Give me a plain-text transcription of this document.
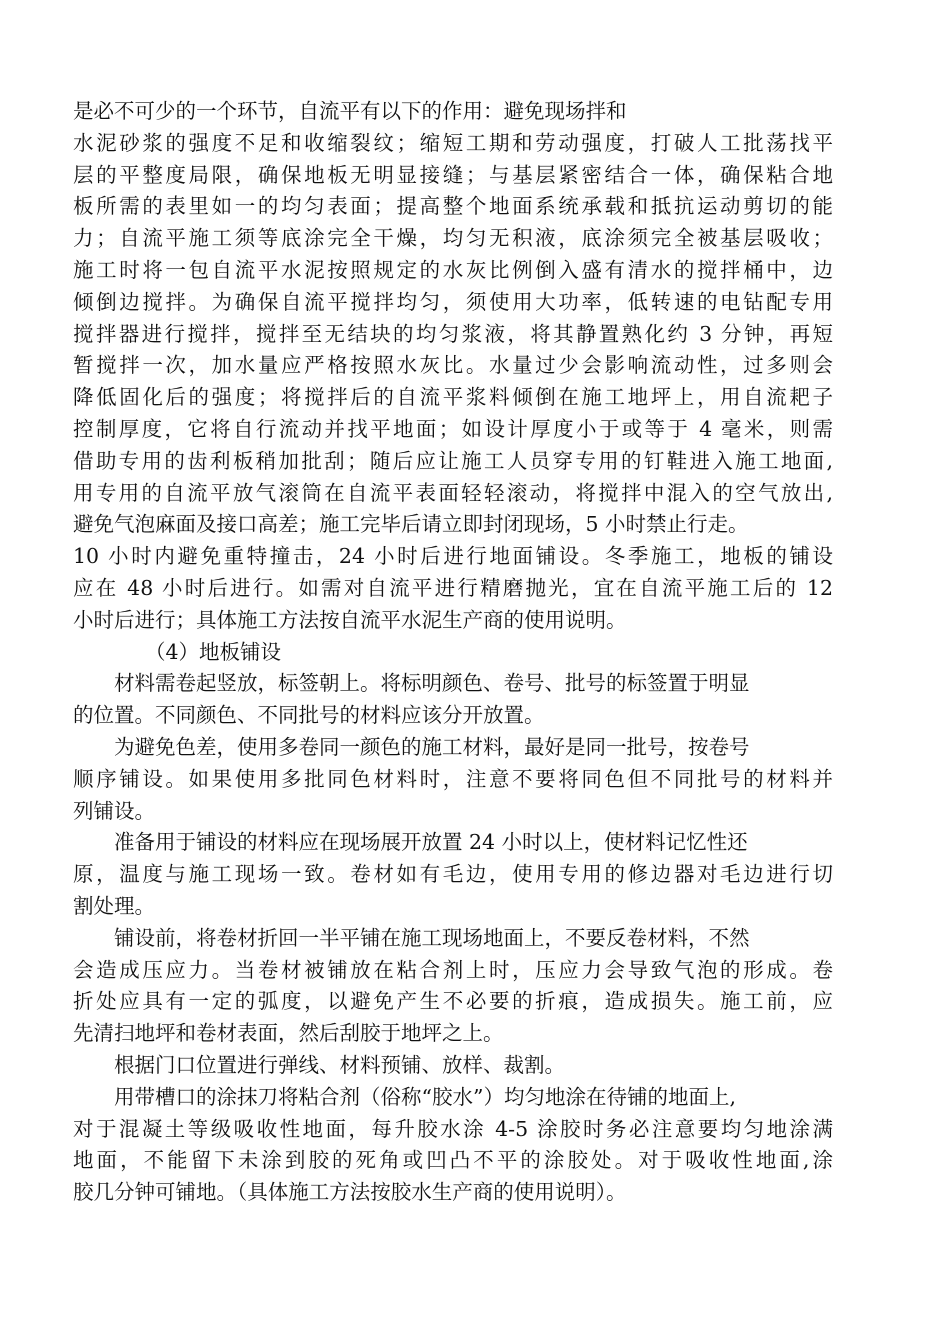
是必不可少的一个环节，自流平有以下的作用：避免现场拌和
水泥砂浆的强度不足和收缩裂纹；缩短工期和劳动强度，打破人工批荡找平
层的平整度局限，确保地板无明显接缝；与基层紧密结合一体，确保粘合地
板所需的表里如一的均匀表面；提高整个地面系统承载和抵抗运动剪切的能
力；自流平施工须等底涂完全干燥，均匀无积液，底涂须完全被基层吸收；
施工时将一包自流平水泥按照规定的水灰比例倒入盛有清水的搅拌桶中，边
倾倒边搅拌。为确保自流平搅拌均匀，须使用大功率，低转速的电钻配专用
搅拌器进行搅拌，搅拌至无结块的均匀浆液，将其静置熟化约 3 分钟，再短
暂搅拌一次，加水量应严格按照水灰比。水量过少会影响流动性，过多则会
降低固化后的强度；将搅拌后的自流平浆料倾倒在施工地坪上，用自流耙子
控制厚度，它将自行流动并找平地面；如设计厚度小于或等于 4 毫米，则需
借助专用的齿利板稍加批刮；随后应让施工人员穿专用的钉鞋进入施工地面,
用专用的自流平放气滚筒在自流平表面轻轻滚动，将搅拌中混入的空气放出,
避免气泡麻面及接口高差；施工完毕后请立即封闭现场，5 小时禁止行走。
10 小时内避免重特撞击，24 小时后进行地面铺设。冬季施工，地板的铺设
应在 48 小时后进行。如需对自流平进行精磨抛光，宜在自流平施工后的 12
小时后进行；具体施工方法按自流平水泥生产商的使用说明。
（4）地板铺设
材料需卷起竖放，标签朝上。将标明颜色、卷号、批号的标签置于明显
的位置。不同颜色、不同批号的材料应该分开放置。
为避免色差，使用多卷同一颜色的施工材料，最好是同一批号，按卷号
顺序铺设。如果使用多批同色材料时，注意不要将同色但不同批号的材料并
列铺设。
准备用于铺设的材料应在现场展开放置 24 小时以上，使材料记忆性还
原，温度与施工现场一致。卷材如有毛边，使用专用的修边器对毛边进行切
割处理。
铺设前，将卷材折回一半平铺在施工现场地面上，不要反卷材料，不然
会造成压应力。当卷材被铺放在粘合剂上时，压应力会导致气泡的形成。卷
折处应具有一定的弧度，以避免产生不必要的折痕，造成损失。施工前，应
先清扫地坪和卷材表面，然后刮胶于地坪之上。
根据门口位置进行弹线、材料预铺、放样、裁割。
用带槽口的涂抹刀将粘合剂（俗称“胶水”）均匀地涂在待铺的地面上,
对于混凝土等级吸收性地面，每升胶水涂 4-5 涂胶时务必注意要均匀地涂满
地面，不能留下未涂到胶的死角或凹凸不平的涂胶处。对于吸收性地面,涂
胶几分钟可铺地。（具体施工方法按胶水生产商的使用说明）。
